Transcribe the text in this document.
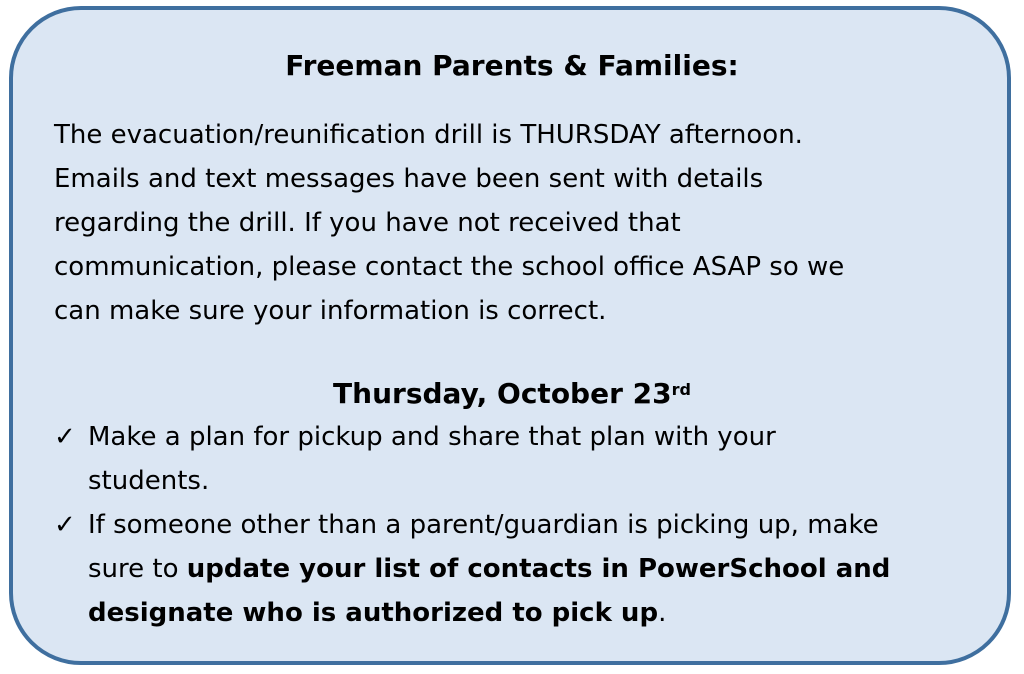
Freeman Parents & Families:
The evacuation/reunification drill is THURSDAY afternoon.
Emails and text messages have been sent with details
regarding the drill. If you have not received that
communication, please contact the school office ASAP so we
can make sure your information is correct.
Thursday, October 23rd
✓ Make a plan for pickup and share that plan with your
students.
✓ If someone other than a parent/guardian is picking up, make
sure to update your list of contacts in PowerSchool and
designate who is authorized to pick up.
